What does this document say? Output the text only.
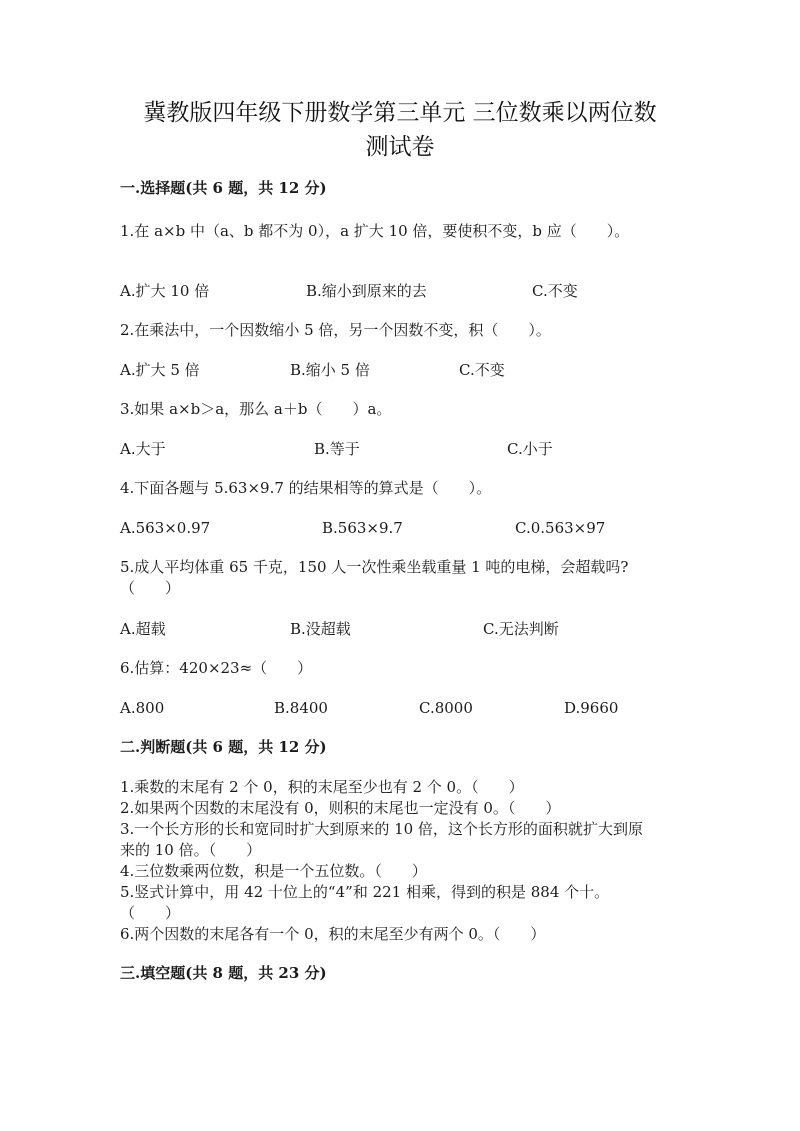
冀教版四年级下册数学第三单元 三位数乘以两位数
测试卷
一.选择题(共 6 题，共 12 分)
1.在 a×b 中（a、b 都不为 0），a 扩大 10 倍，要使积不变，b 应（　　）。
A.扩大 10 倍	B.缩小到原来的去	C.不变
2.在乘法中，一个因数缩小 5 倍，另一个因数不变，积（　　）。
A.扩大 5 倍	B.缩小 5 倍	C.不变
3.如果 a×b＞a，那么 a＋b（　　）a。
A.大于	B.等于	C.小于
4.下面各题与 5.63×9.7 的结果相等的算式是（　　）。
A.563×0.97	B.563×9.7	C.0.563×97
5.成人平均体重 65 千克，150 人一次性乘坐载重量 1 吨的电梯，会超载吗?
（　　）
A.超载	B.没超载	C.无法判断
6.估算：420×23≈（　　）
A.800	B.8400	C.8000	D.9660
二.判断题(共 6 题，共 12 分)
1.乘数的末尾有 2 个 0，积的末尾至少也有 2 个 0。（　　）
2.如果两个因数的末尾没有 0，则积的末尾也一定没有 0。（　　）
3.一个长方形的长和宽同时扩大到原来的 10 倍，这个长方形的面积就扩大到原
来的 10 倍。（　　）
4.三位数乘两位数，积是一个五位数。（　　）
5.竖式计算中，用 42 十位上的“4”和 221 相乘，得到的积是 884 个十。
（　　）
6.两个因数的末尾各有一个 0，积的末尾至少有两个 0。（　　）
三.填空题(共 8 题，共 23 分)
